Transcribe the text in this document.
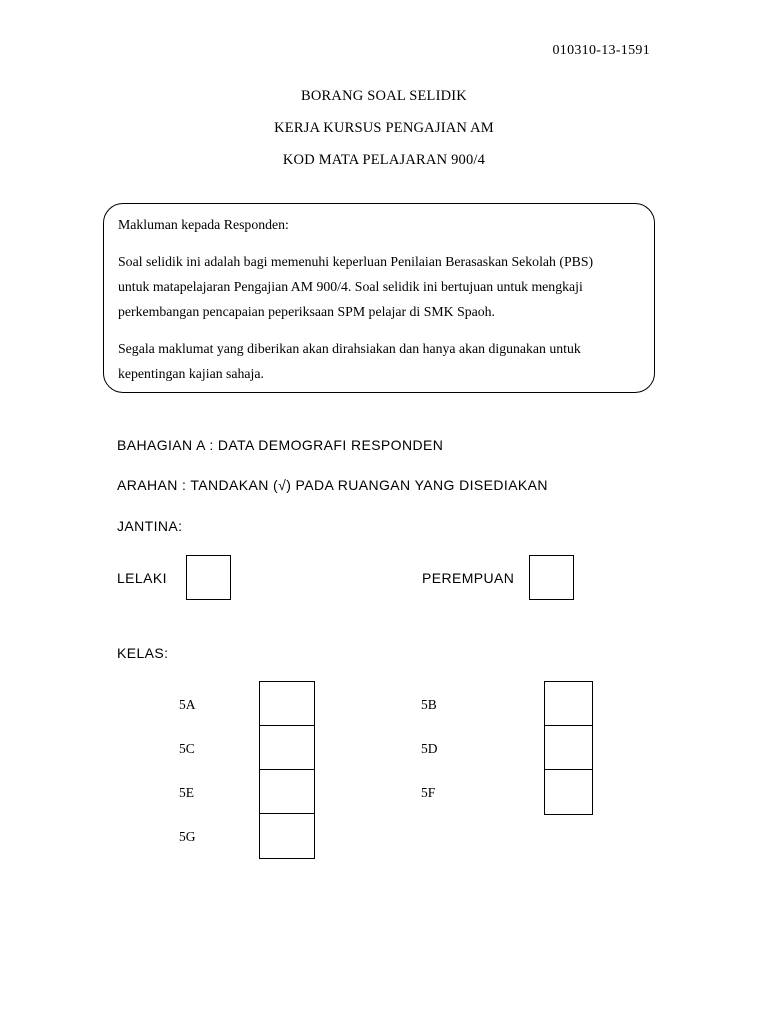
010310-13-1591
BORANG SOAL SELIDIK
KERJA KURSUS PENGAJIAN AM
KOD MATA PELAJARAN 900/4

Makluman kepada Responden:

Soal selidik ini adalah bagi memenuhi keperluan Penilaian Berasaskan Sekolah (PBS)

untuk matapelajaran Pengajian AM 900/4. Soal selidik ini bertujuan untuk mengkaji

perkembangan pencapaian peperiksaan SPM pelajar di SMK Spaoh.

Segala maklumat yang diberikan akan dirahsiakan dan hanya akan digunakan untuk

kepentingan kajian sahaja.

BAHAGIAN A : DATA DEMOGRAFI RESPONDEN
ARAHAN : TANDAKAN (√) PADA RUANGAN YANG DISEDIAKAN
JANTINA:
LELAKI	PEREMPUAN
KELAS:
5A
5C
5E
5G
5B
5D
5F
